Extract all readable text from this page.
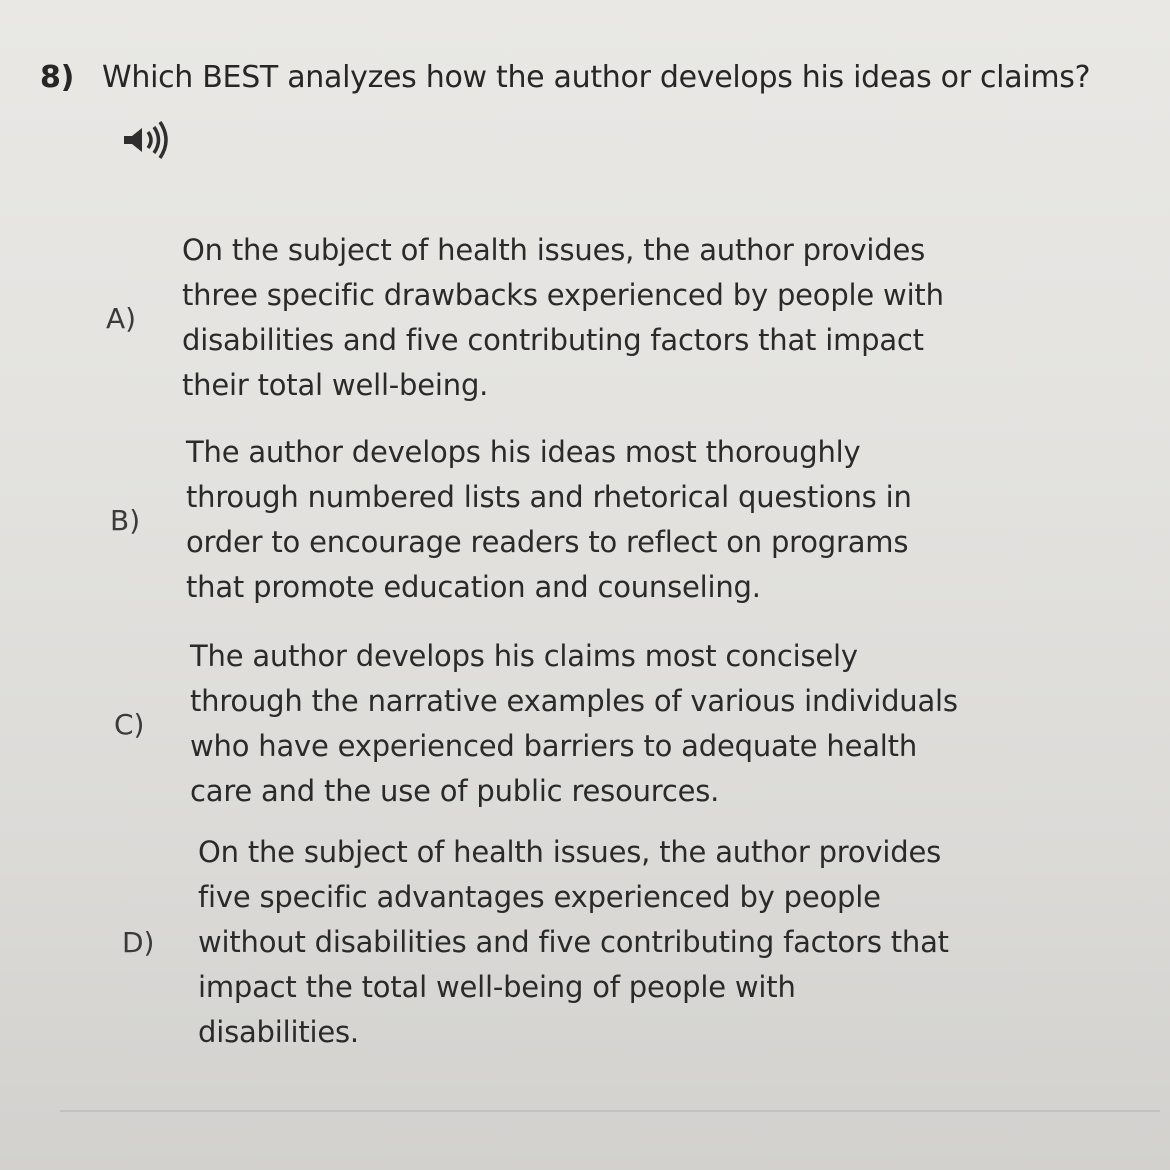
8) Which BEST analyzes how the author develops his ideas or claims?
A)
On the subject of health issues, the author provides
three specific drawbacks experienced by people with
disabilities and five contributing factors that impact
their total well-being.
B)
The author develops his ideas most thoroughly
through numbered lists and rhetorical questions in
order to encourage readers to reflect on programs
that promote education and counseling.
C)
The author develops his claims most concisely
through the narrative examples of various individuals
who have experienced barriers to adequate health
care and the use of public resources.
D)
On the subject of health issues, the author provides
five specific advantages experienced by people
without disabilities and five contributing factors that
impact the total well-being of people with
disabilities.
